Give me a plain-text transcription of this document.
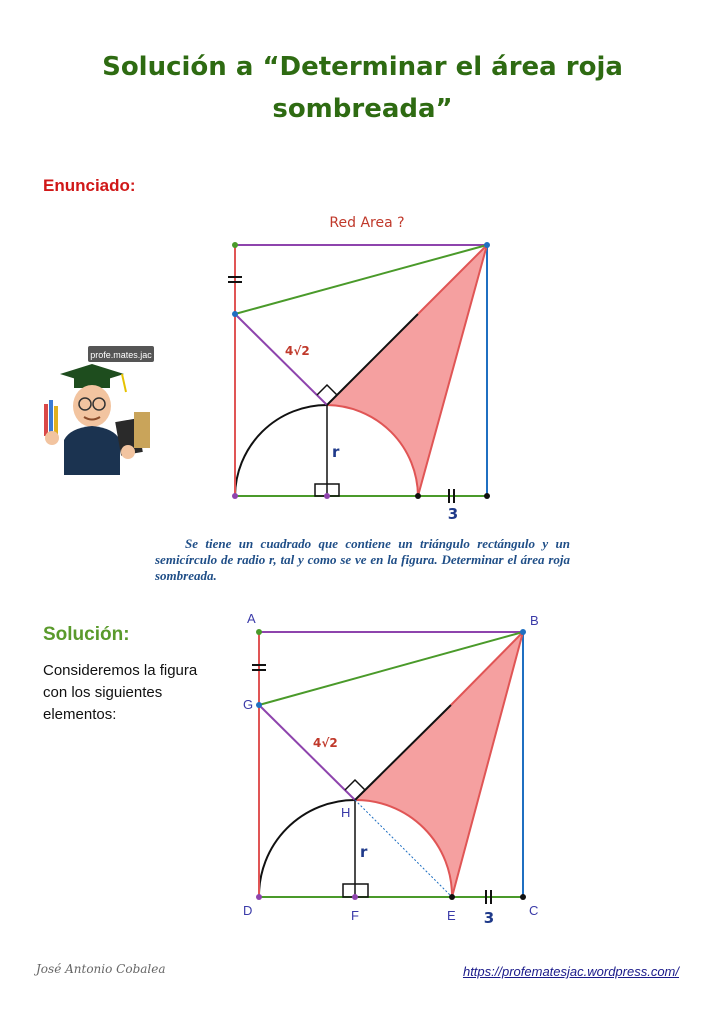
Solución a “Determinar el área roja
sombreada”
Enunciado:
profe.mates.jac
Red Area ?
4√2
r
3
Se tiene un cuadrado que contiene un triángulo rectángulo y un semicírculo de radio r, tal y como se ve en la figura. Determinar el área roja sombreada.
Solución:
Consideremos la figura con los siguientes elementos:
4√2
r
3
A	B
G
H
D	F	E	C
José Antonio Cobalea	https://profematesjac.wordpress.com/
